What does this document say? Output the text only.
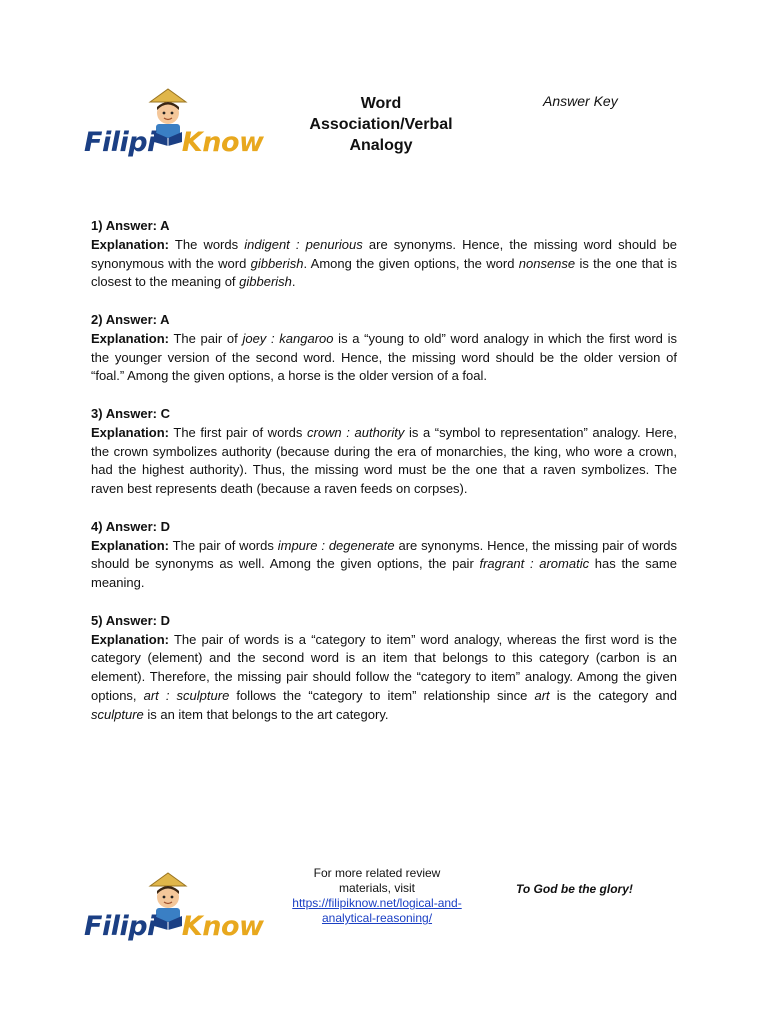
Filipi Know
Word
Association/Verbal
Analogy
Answer Key
1) Answer: A

Explanation: The words indigent : penurious are synonyms. Hence, the missing word should be synonymous with the word gibberish. Among the given options, the word nonsense is the one that is closest to the meaning of gibberish.

2) Answer: A

Explanation: The pair of joey : kangaroo is a “young to old” word analogy in which the first word is the younger version of the second word. Hence, the missing word should be the older version of “foal.” Among the given options, a horse is the older version of a foal.

3) Answer: C

Explanation: The first pair of words crown : authority is a “symbol to representation” analogy. Here, the crown symbolizes authority (because during the era of monarchies, the king, who wore a crown, had the highest authority). Thus, the missing word must be the one that a raven symbolizes. The raven best represents death (because a raven feeds on corpses).

4) Answer: D

Explanation: The pair of words impure : degenerate are synonyms. Hence, the missing pair of words should be synonyms as well. Among the given options, the pair fragrant : aromatic has the same meaning.

5) Answer: D

Explanation: The pair of words is a “category to item” word analogy, whereas the first word is the category (element) and the second word is an item that belongs to this category (carbon is an element). Therefore, the missing pair should follow the “category to item” analogy. Among the given options, art : sculpture follows the “category to item” relationship since art is the category and sculpture is an item that belongs to the art category.

Filipi Know
For more related review
materials, visit
https://filipiknow.net/logical-and-analytical-reasoning/
To God be the glory!
